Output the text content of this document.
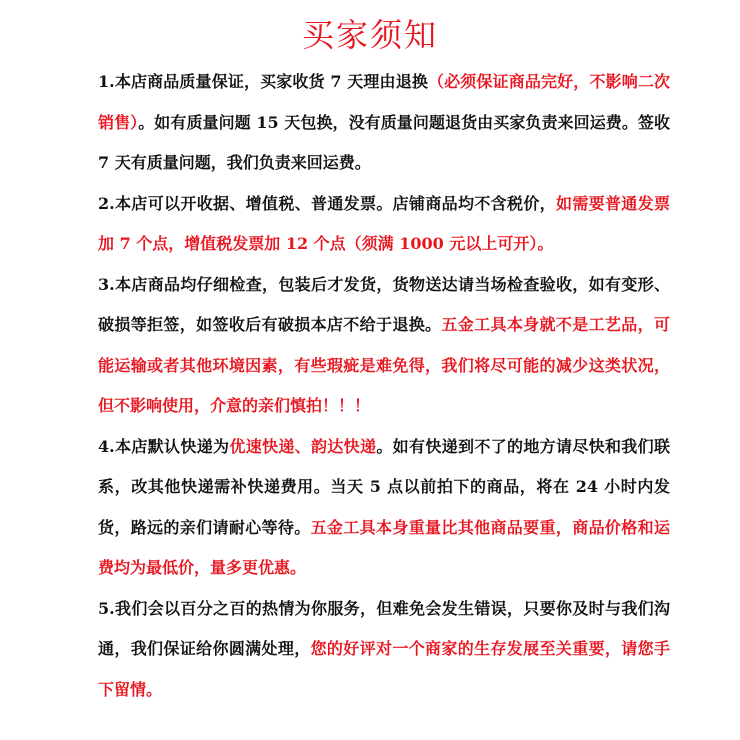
买家须知
1.本店商品质量保证，买家收货 7 天理由退换（必须保证商品完好，不影响二次销售）。如有质量问题 15 天包换，没有质量问题退货由买家负责来回运费。签收 7 天有质量问题，我们负责来回运费。
2.本店可以开收据、增值税、普通发票。店铺商品均不含税价，如需要普通发票加 7 个点，增值税发票加 12 个点（须满 1000 元以上可开）。
3.本店商品均仔细检查，包装后才发货，货物送达请当场检查验收，如有变形、破损等拒签，如签收后有破损本店不给于退换。五金工具本身就不是工艺品，可能运输或者其他环境因素，有些瑕疵是难免得，我们将尽可能的减少这类状况，但不影响使用，介意的亲们慎拍！！！
4.本店默认快递为优速快递、韵达快递。如有快递到不了的地方请尽快和我们联系，改其他快递需补快递费用。当天 5 点以前拍下的商品，将在 24 小时内发货，路远的亲们请耐心等待。五金工具本身重量比其他商品要重，商品价格和运费均为最低价，量多更优惠。
5.我们会以百分之百的热情为你服务，但难免会发生错误，只要你及时与我们沟通，我们保证给你圆满处理，您的好评对一个商家的生存发展至关重要，请您手下留情。
